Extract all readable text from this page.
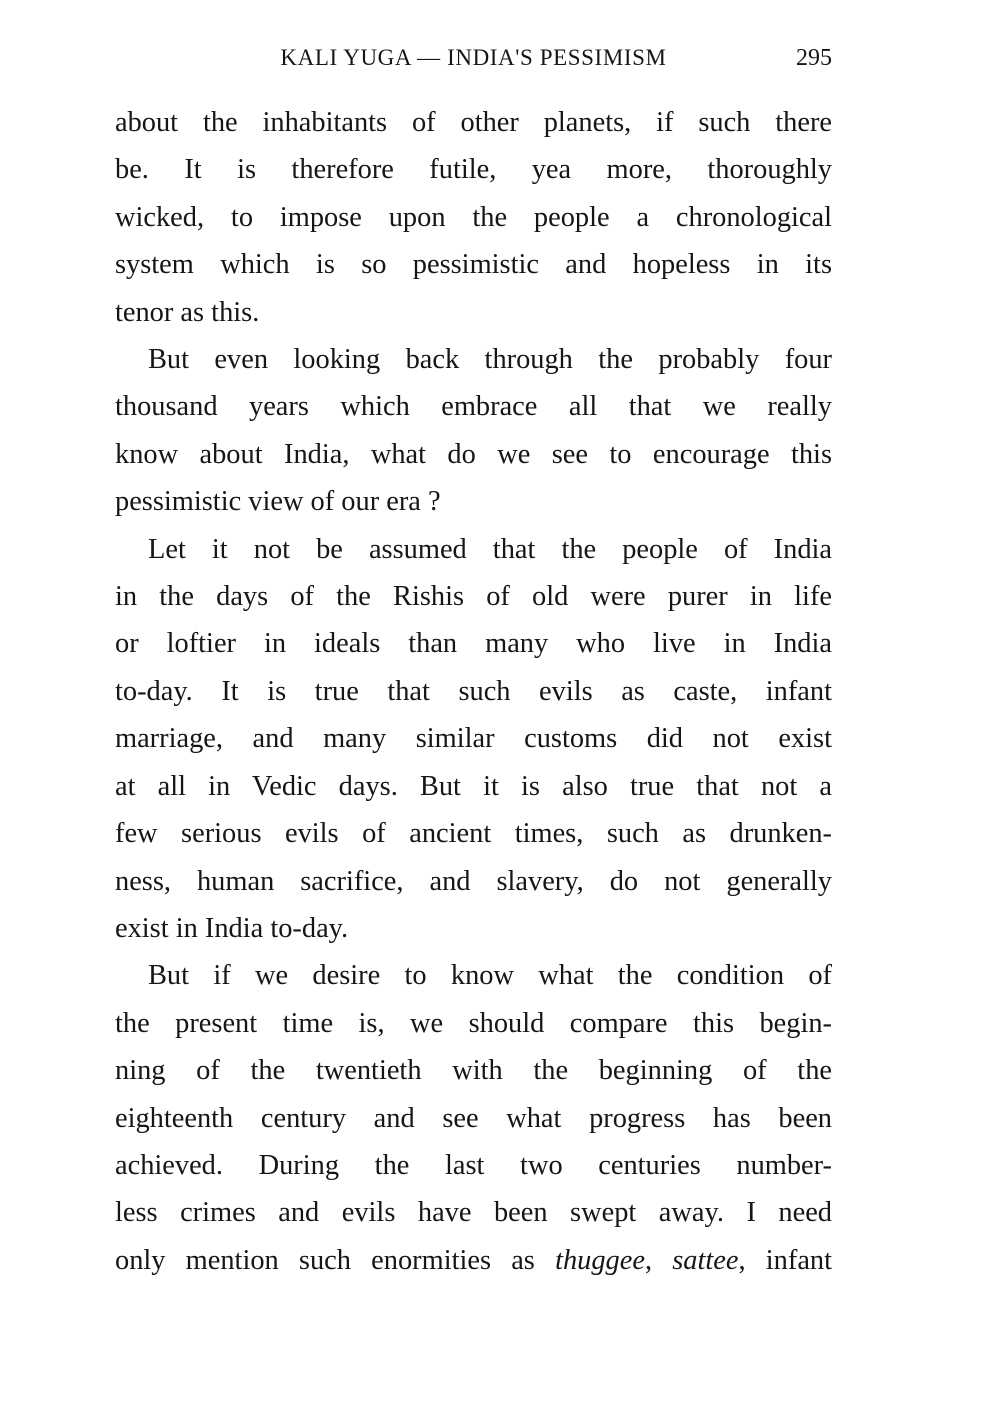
KALI YUGA — INDIA'S PESSIMISM	295

about the inhabitants of other planets, if such there
be. It is therefore futile, yea more, thoroughly
wicked, to impose upon the people a chronological
system which is so pessimistic and hopeless in its
tenor as this.

But even looking back through the probably four
thousand years which embrace all that we really
know about India, what do we see to encourage this
pessimistic view of our era ?

Let it not be assumed that the people of India
in the days of the Rishis of old were purer in life
or loftier in ideals than many who live in India
to-day. It is true that such evils as caste, infant
marriage, and many similar customs did not exist
at all in Vedic days. But it is also true that not a
few serious evils of ancient times, such as drunken-
ness, human sacrifice, and slavery, do not generally
exist in India to-day.

But if we desire to know what the condition of
the present time is, we should compare this begin-
ning of the twentieth with the beginning of the
eighteenth century and see what progress has been
achieved. During the last two centuries number-
less crimes and evils have been swept away. I need
only mention such enormities as thuggee, sattee, infant
